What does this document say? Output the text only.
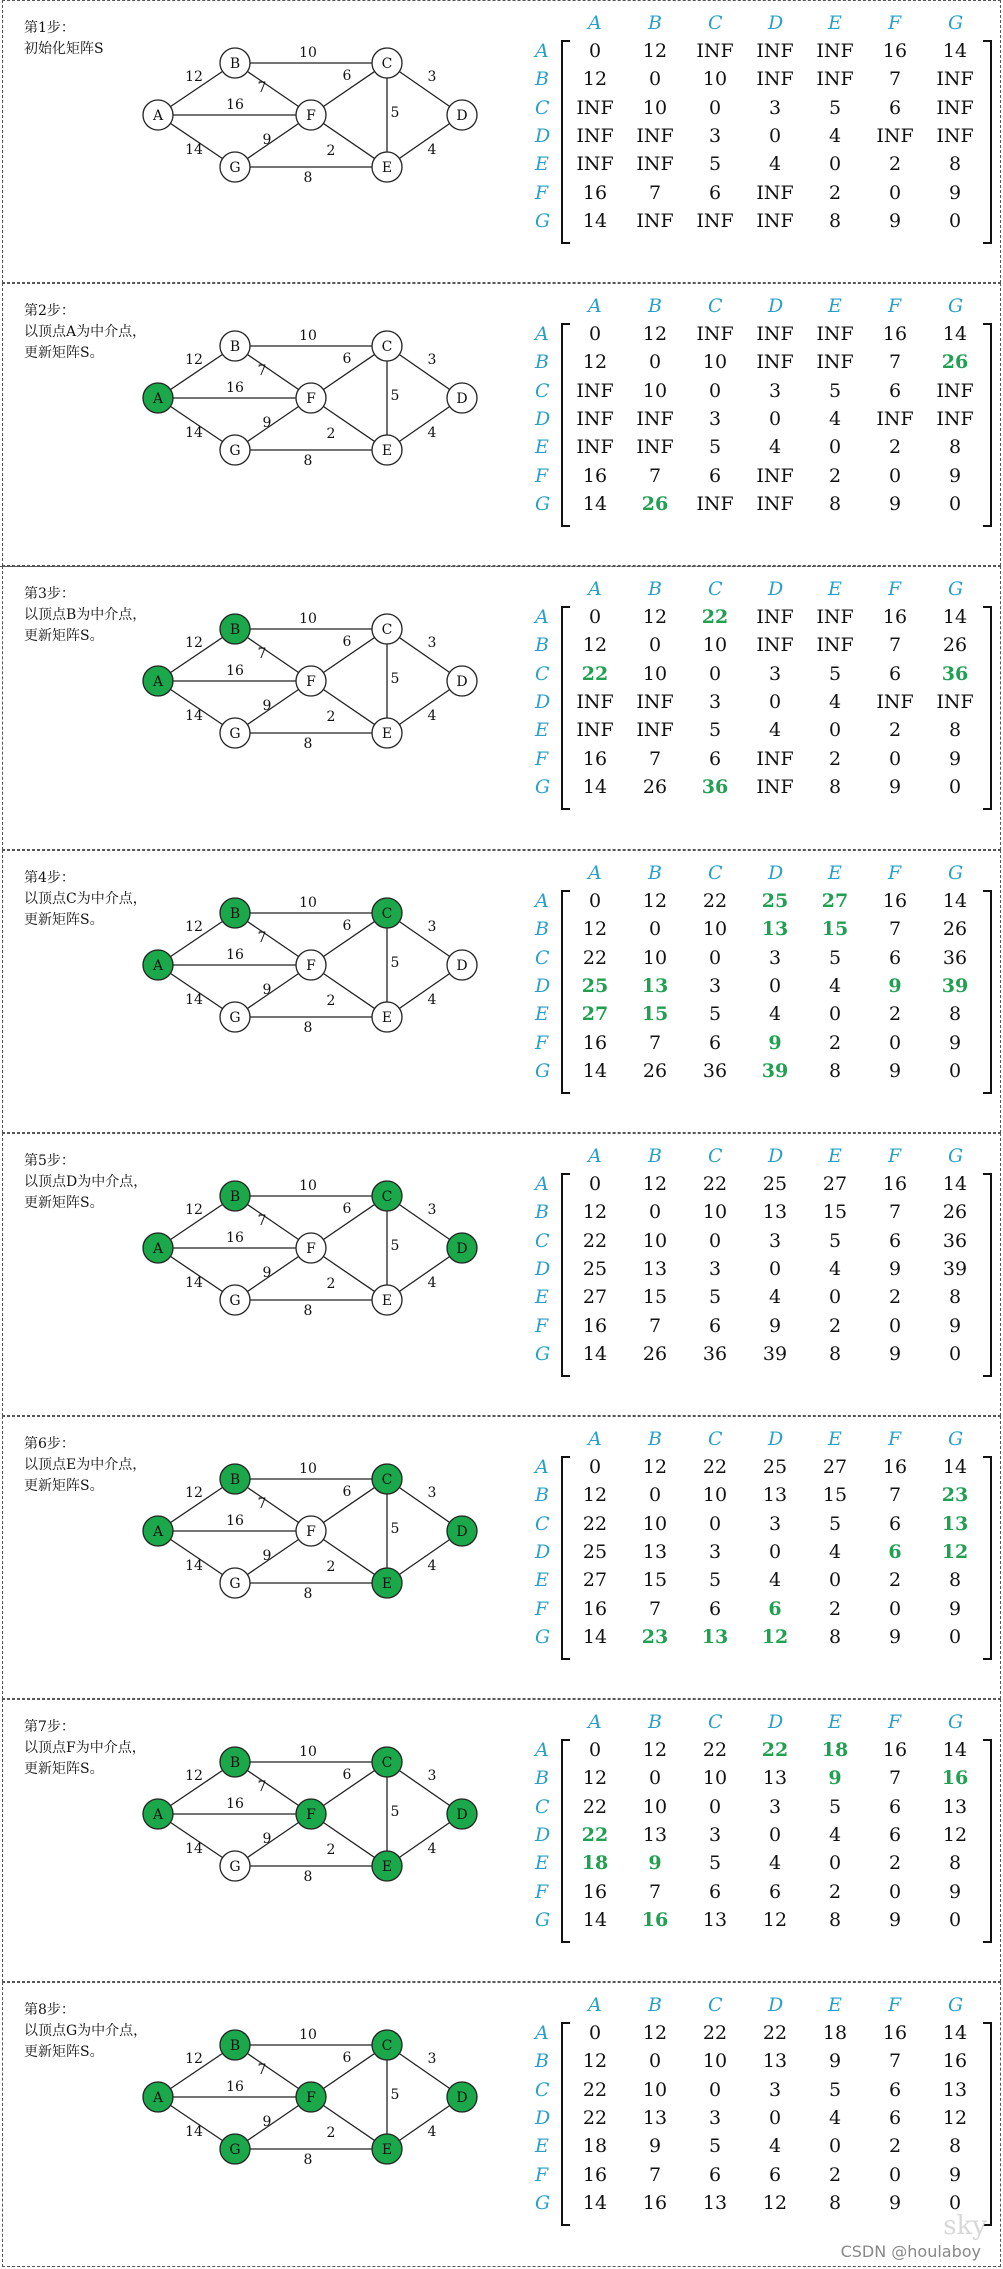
第1步：
初始化矩阵S
12
16
14
10
7
9
8
6
2
5
3
4
A
B	C
D
E
F
G
A B C D E F G
A
B
C
D
E
F
G
0	12	INF	INF	INF	16	14
12	0	10	INF	INF	7	INF
INF	10	0	3	5	6	INF
INF	INF	3	0	4	INF	INF
INF	INF	5	4	0	2	8
16	7	6	INF	2	0	9
14	INF	INF	INF	8	9	0
第2步：
以顶点A为中介点，
更新矩阵S。	12
16
14
10
7
9
8
6
2
5
3
4
A
B	C
D
E
F
G
A B C D E F G
A
B
C
D
E
F
G
0	12	INF	INF	INF	16	14
12	0	10	INF	INF	7	26
INF	10	0	3	5	6	INF
INF	INF	3	0	4	INF	INF
INF	INF	5	4	0	2	8
16	7	6	INF	2	0	9
14	26	INF	INF	8	9	0
第3步：
以顶点B为中介点，
更新矩阵S。	12
16
14
10
7
9
8
6
2
5
3
4
A
B	C
D
E
F
G
A B C D E F G
A
B
C
D
E
F
G
0	12	22	INF	INF	16	14
12	0	10	INF	INF	7	26
22	10	0	3	5	6	36
INF	INF	3	0	4	INF	INF
INF	INF	5	4	0	2	8
16	7	6	INF	2	0	9
14	26	36	INF	8	9	0
第4步：
以顶点C为中介点，
更新矩阵S。	12
16
14
10
7
9
8
6
2
5
3
4
A
B	C
D
E
F
G
A B C D E F G
A
B
C
D
E
F
G
0	12	22	25	27	16	14
12	0	10	13	15	7	26
22	10	0	3	5	6	36
25	13	3	0	4	9	39
27	15	5	4	0	2	8
16	7	6	9	2	0	9
14	26	36	39	8	9	0
第5步：
以顶点D为中介点，
更新矩阵S。	12
16
14
10
7
9
8
6
2
5
3
4
A
B	C
D
E
F
G
A B C D E F G
A
B
C
D
E
F
G
0	12	22	25	27	16	14
12	0	10	13	15	7	26
22	10	0	3	5	6	36
25	13	3	0	4	9	39
27	15	5	4	0	2	8
16	7	6	9	2	0	9
14	26	36	39	8	9	0
第6步：
以顶点E为中介点，
更新矩阵S。	12
16
14
10
7
9
8
6
2
5
3
4
A
B	C
D
E
F
G
A B C D E F G
A
B
C
D
E
F
G
0	12	22	25	27	16	14
12	0	10	13	15	7	23
22	10	0	3	5	6	13
25	13	3	0	4	6	12
27	15	5	4	0	2	8
16	7	6	6	2	0	9
14	23	13	12	8	9	0
第7步：
以顶点F为中介点，
更新矩阵S。	12
16
14
10
7
9
8
6
2
5
3
4
A
B	C
D
E
F
G
A B C D E F G
A
B
C
D
E
F
G
0	12	22	22	18	16	14
12	0	10	13	9	7	16
22	10	0	3	5	6	13
22	13	3	0	4	6	12
18	9	5	4	0	2	8
16	7	6	6	2	0	9
14	16	13	12	8	9	0
第8步：
以顶点G为中介点，
更新矩阵S。	12
16
14
10
7
9
8
6
2
5
3
4
A
B	C
D
E
F
G
A B C D E F G
A
B
C
D
E
F
G
0	12	22	22	18	16	14
12	0	10	13	9	7	16
22	10	0	3	5	6	13
22	13	3	0	4	6	12
18	9	5	4	0	2	8
16	7	6	6	2	0	9
14	16	13	12	8	9	0
sky
CSDN @houlaboy
